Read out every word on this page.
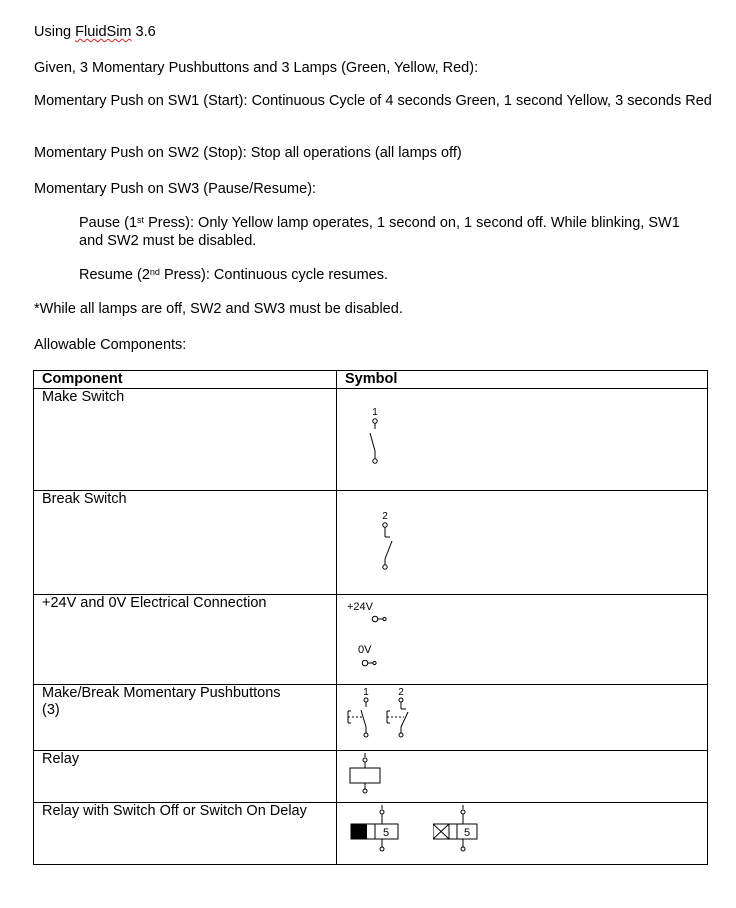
Using FluidSim 3.6
Given, 3 Momentary Pushbuttons and 3 Lamps (Green, Yellow, Red):
Momentary Push on SW1 (Start): Continuous Cycle of 4 seconds Green, 1 second Yellow, 3 seconds Red
Momentary Push on SW2 (Stop): Stop all operations (all lamps off)
Momentary Push on SW3 (Pause/Resume):
Pause (1st Press): Only Yellow lamp operates, 1 second on, 1 second off. While blinking, SW1 and SW2 must be disabled.
Resume (2nd Press): Continuous cycle resumes.
*While all lamps are off, SW2 and SW3 must be disabled.
Allowable Components:
Component	Symbol	
Make Switch	1	

Break Switch	2	

+24V and 0V Electrical Connection	+24V
0V	

Make/Break Momentary Pushbuttons (3)	1 2	

Relay	

Relay with Switch Off or Switch On Delay	5	5
